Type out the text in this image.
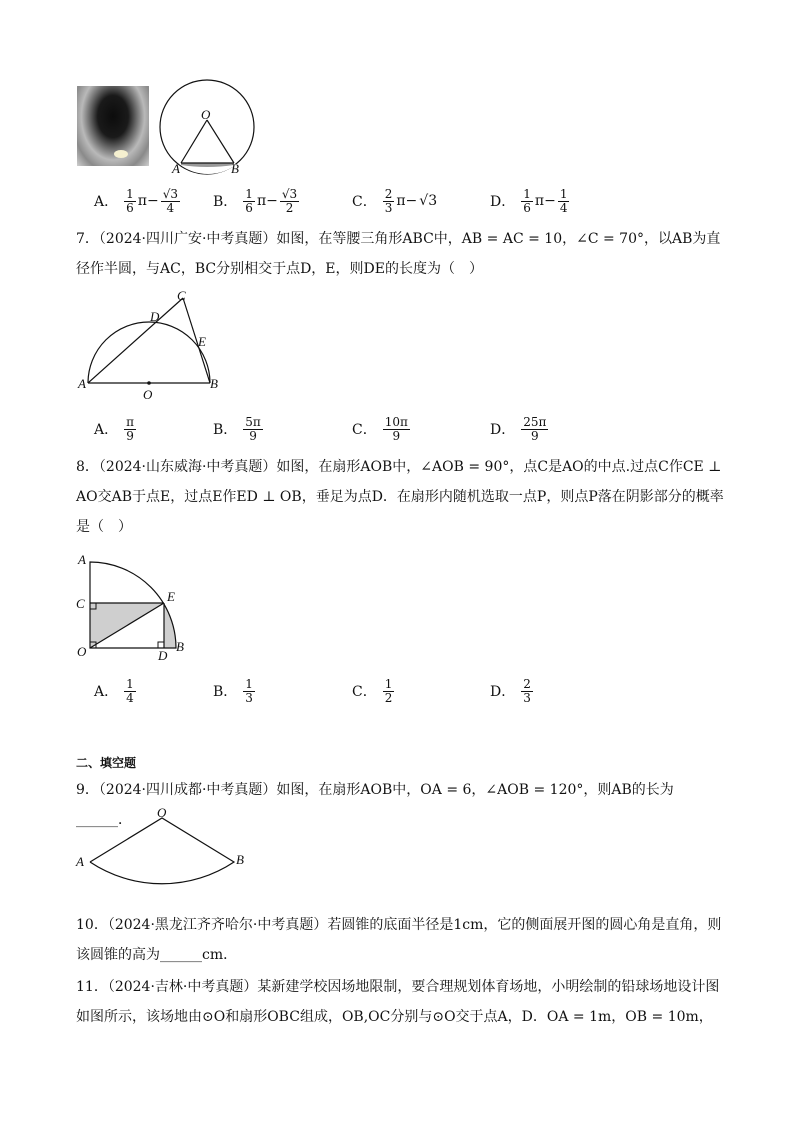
O
A	B
A． $\frac{1}{6} \pi- \frac{√3}{4}$ B． $\frac{1}{6} \pi- \frac{√3}{2}$	C． $\frac{2}{3} \pi- √3$	D． $\frac{1}{6} \pi- \frac{1}{4}$
7．（2024·四川广安·中考真题）如图，在等腰三角形ABC中，AB = AC = 10，∠C = 70°，以AB为直径作半圆，与AC，BC分别相交于点D，E，则DE的长度为（　）
A	B
C
D
E
O
A． $\frac{\pi}{9}$	B． $\frac{5\pi}{9}$	C． $\frac{10\pi}{9}$	D． $\frac{25\pi}{9}$
8．（2024·山东威海·中考真题）如图，在扇形AOB中，∠AOB = 90°，点C是AO的中点.过点C作CE ⊥ AO交AB于点E，过点E作ED ⊥ OB，垂足为点D．在扇形内随机选取一点P，则点P落在阴影部分的概率是（　）
A
B
C
D
E
O
A． $\frac{1}{4}$	B． $\frac{1}{3}$	C． $\frac{1}{2}$	D． $\frac{2}{3}$
二、填空题
9．（2024·四川成都·中考真题）如图，在扇形AOB中，OA = 6，∠AOB = 120°，则AB的长为______．	O
A	B
10．（2024·黑龙江齐齐哈尔·中考真题）若圆锥的底面半径是1cm，它的侧面展开图的圆心角是直角，则该圆锥的高为______cm．
11．（2024·吉林·中考真题）某新建学校因场地限制，要合理规划体育场地，小明绘制的铅球场地设计图如图所示，该场地由⊙O和扇形OBC组成，OB,OC分别与⊙O交于点A，D．OA = 1m，OB = 10m，
